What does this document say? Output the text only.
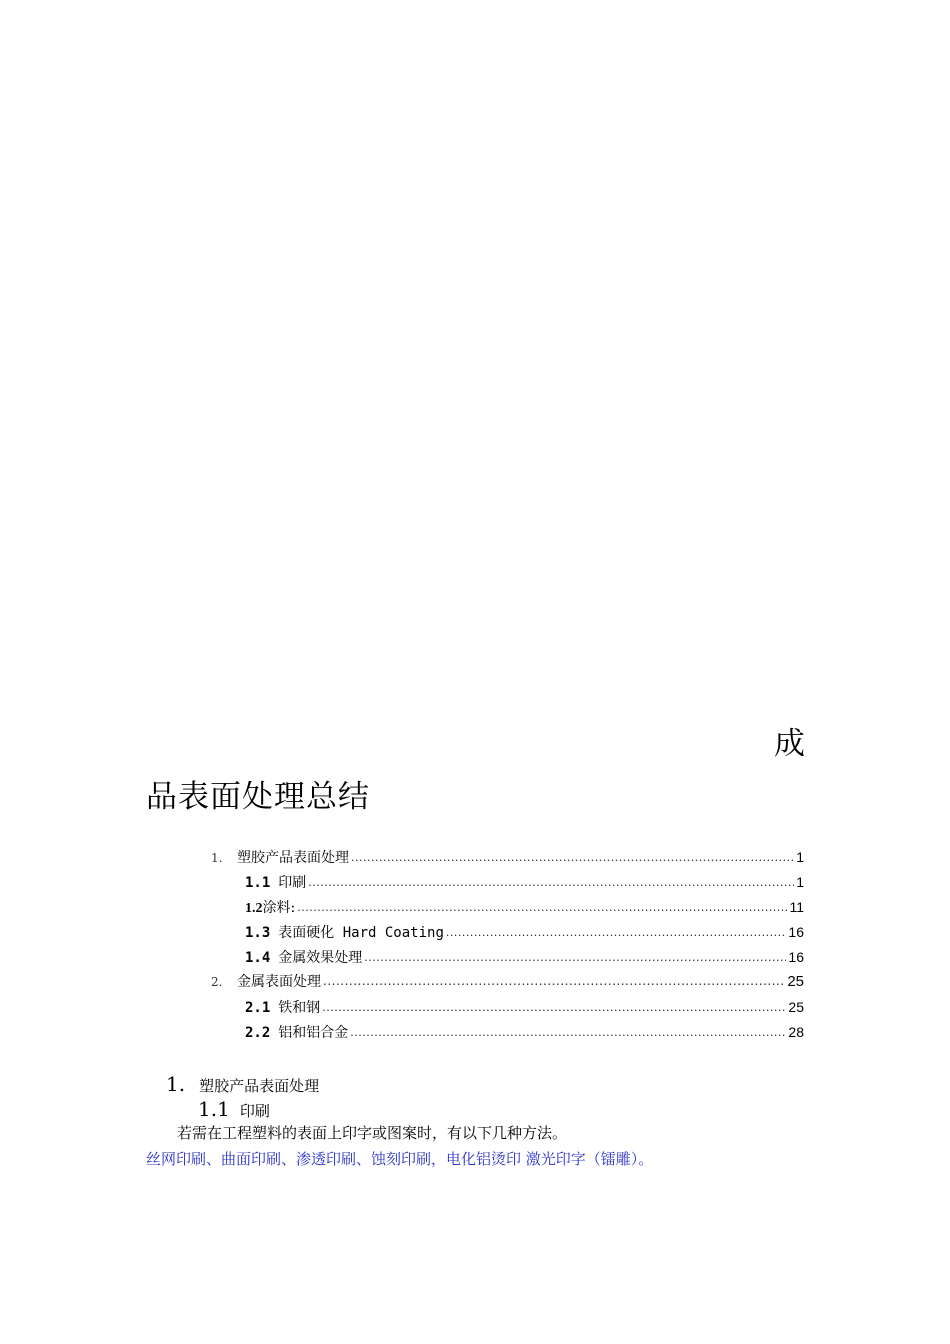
成
品表面处理总结
1.	塑胶产品表面处理 .....	1
1.1 印刷 .....	1
1.2 涂料: .....	11
1.3 表面硬化 Hard Coating .....	16
1.4 金属效果处理 .....	16
2.	金属表面处理 .....	25
2.1 铁和钢 .....	25
2.2 铝和铝合金 .....	28
1. 塑胶产品表面处理
1.1 印刷
若需在工程塑料的表面上印字或图案时，有以下几种方法。
丝网印刷、曲面印刷、渗透印刷、蚀刻印刷，电化铝烫印 激光印字（镭雕）。
